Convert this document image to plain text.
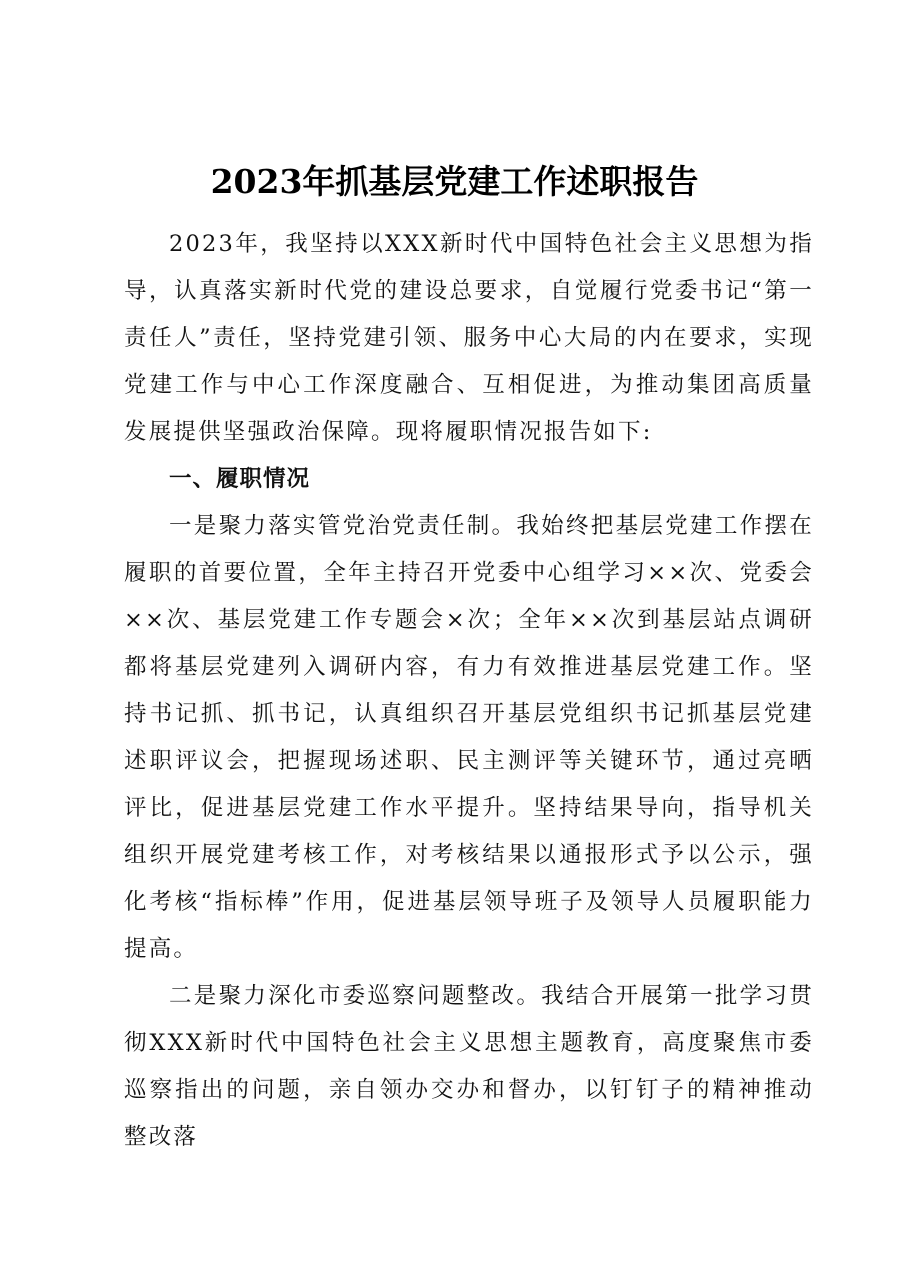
2023年抓基层党建工作述职报告

2023年，我坚持以XXX新时代中国特色社会主义思想为指导，认真落实新时代党的建设总要求，自觉履行党委书记“第一责任人”责任，坚持党建引领、服务中心大局的内在要求，实现党建工作与中心工作深度融合、互相促进，为推动集团高质量发展提供坚强政治保障。现将履职情况报告如下:

一、履职情况

一是聚力落实管党治党责任制。我始终把基层党建工作摆在履职的首要位置，全年主持召开党委中心组学习××次、党委会××次、基层党建工作专题会×次；全年××次到基层站点调研都将基层党建列入调研内容，有力有效推进基层党建工作。坚持书记抓、抓书记，认真组织召开基层党组织书记抓基层党建述职评议会，把握现场述职、民主测评等关键环节，通过亮晒评比，促进基层党建工作水平提升。坚持结果导向，指导机关组织开展党建考核工作，对考核结果以通报形式予以公示，强化考核“指标棒”作用，促进基层领导班子及领导人员履职能力提高。

二是聚力深化市委巡察问题整改。我结合开展第一批学习贯彻XXX新时代中国特色社会主义思想主题教育，高度聚焦市委巡察指出的问题，亲自领办交办和督办，以钉钉子的精神推动整改落
